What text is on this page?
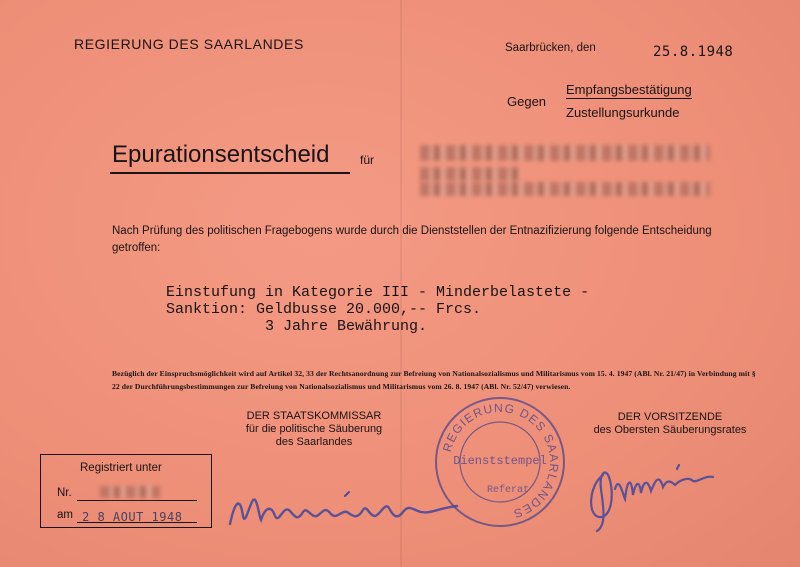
REGIERUNG DES SAARLANDES	Saarbrücken, den	25.8.1948
Gegen
Empfangsbestätigung
Zustellungsurkunde
Epurationsentscheid	für
Nach Prüfung des politischen Fragebogens wurde durch die Dienststellen der Entnazifizierung folgende Entscheidung getroffen:
Einstufung in Kategorie III - Minderbelastete -
Sanktion: Geldbusse 20.000,-- Frcs.
3 Jahre Bewährung.
Bezüglich der Einspruchsmöglichkeit wird auf Artikel 32, 33 der Rechtsanordnung zur Befreiung von Nationalsozialismus und Militarismus vom 15. 4. 1947 (ABl. Nr. 21/47) in Verbindung mit § 22 der Durchführungsbestimmungen zur Befreiung von Nationalsozialismus und Militarismus vom 26. 8. 1947 (ABl. Nr. 52/47) verwiesen.
DER STAATSKOMMISSAR
für die politische Säuberung
des Saarlandes
DER VORSITZENDE
des Obersten Säuberungsrates
Registriert unter
Nr.
am 2 8 AOUT 1948
REGIERUNG DES SAARLANDES
Dienststempel
Referat
